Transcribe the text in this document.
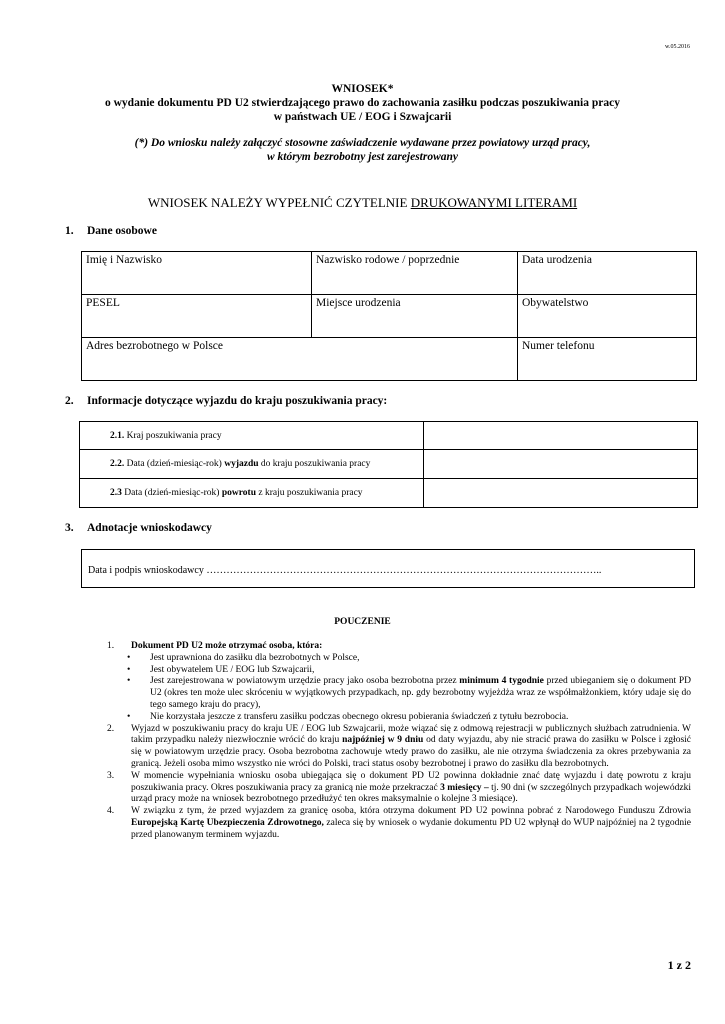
w.05.2016
WNIOSEK*
o wydanie dokumentu PD U2 stwierdzającego prawo do zachowania zasiłku podczas poszukiwania pracy
w państwach UE / EOG i Szwajcarii
(*) Do wniosku należy załączyć stosowne zaświadczenie wydawane przez powiatowy urząd pracy,
w którym bezrobotny jest zarejestrowany
WNIOSEK NALEŻY WYPEŁNIĆ CZYTELNIE DRUKOWANYMI LITERAMI
1. Dane osobowe
Imię i Nazwisko	Nazwisko rodowe / poprzednie	Data urodzenia
PESEL	Miejsce urodzenia	Obywatelstwo
Adres bezrobotnego w Polsce		Numer telefonu
2. Informacje dotyczące wyjazdu do kraju poszukiwania pracy:
2.1. Kraj poszukiwania pracy	
2.2. Data (dzień-miesiąc-rok) wyjazdu do kraju poszukiwania pracy	
2.3 Data (dzień-miesiąc-rok) powrotu z kraju poszukiwania pracy	
3. Adnotacje wnioskodawcy
Data i podpis wnioskodawcy ………………………………………………………………………………………………………..
POUCZENIE
1. Dokument PD U2 może otrzymać osoba, która:
• Jest uprawniona do zasiłku dla bezrobotnych w Polsce,
• Jest obywatelem UE / EOG lub Szwajcarii,
• Jest zarejestrowana w powiatowym urzędzie pracy jako osoba bezrobotna przez minimum 4 tygodnie przed ubieganiem się o dokument PD U2 (okres ten może ulec skróceniu w wyjątkowych przypadkach, np. gdy bezrobotny wyjeżdża wraz ze współmałżonkiem, który udaje się do tego samego kraju do pracy),
• Nie korzystała jeszcze z transferu zasiłku podczas obecnego okresu pobierania świadczeń z tytułu bezrobocia.
2. Wyjazd w poszukiwaniu pracy do kraju UE / EOG lub Szwajcarii, może wiązać się z odmową rejestracji w publicznych służbach zatrudnienia. W takim przypadku należy niezwłocznie wrócić do kraju najpóźniej w 9 dniu od daty wyjazdu, aby nie stracić prawa do zasiłku w Polsce i zgłosić się w powiatowym urzędzie pracy. Osoba bezrobotna zachowuje wtedy prawo do zasiłku, ale nie otrzyma świadczenia za okres przebywania za granicą. Jeżeli osoba mimo wszystko nie wróci do Polski, traci status osoby bezrobotnej i prawo do zasiłku dla bezrobotnych.
3. W momencie wypełniania wniosku osoba ubiegająca się o dokument PD U2 powinna dokładnie znać datę wyjazdu i datę powrotu z kraju poszukiwania pracy. Okres poszukiwania pracy za granicą nie może przekraczać 3 miesięcy – tj. 90 dni (w szczególnych przypadkach wojewódzki urząd pracy może na wniosek bezrobotnego przedłużyć ten okres maksymalnie o kolejne 3 miesiące).
4. W związku z tym, że przed wyjazdem za granicę osoba, która otrzyma dokument PD U2 powinna pobrać z Narodowego Funduszu Zdrowia Europejską Kartę Ubezpieczenia Zdrowotnego, zaleca się by wniosek o wydanie dokumentu PD U2 wpłynął do WUP najpóźniej na 2 tygodnie przed planowanym terminem wyjazdu.
1 z 2
